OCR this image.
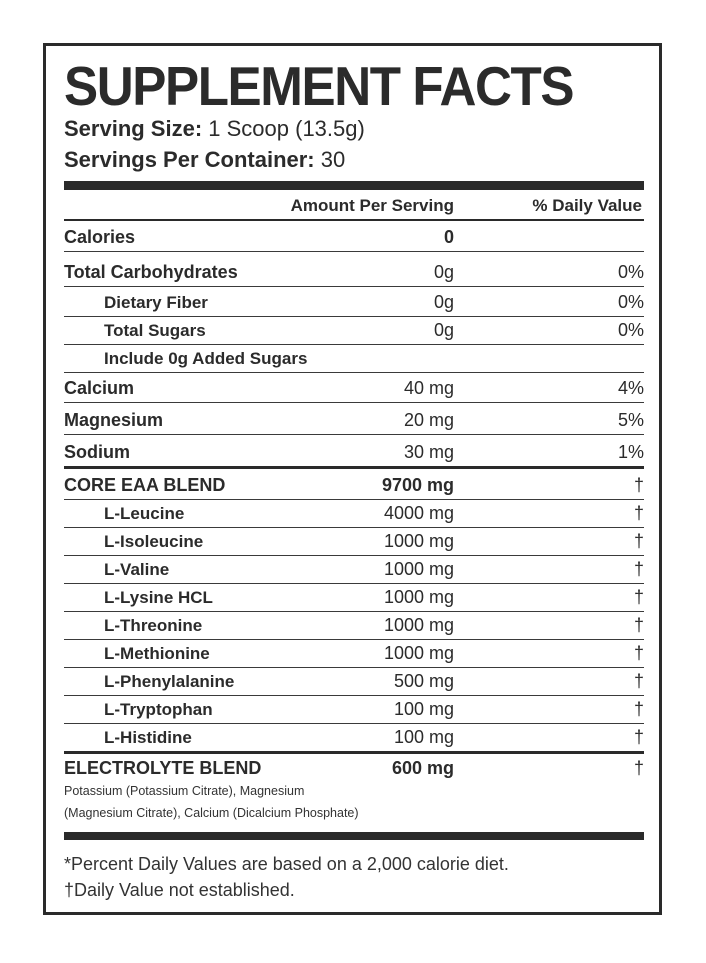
SUPPLEMENT FACTS
Serving Size: 1 Scoop (13.5g)
Servings Per Container: 30
Amount Per Serving	% Daily Value
Calories	0
Total Carbohydrates	0g	0%
Dietary Fiber	0g	0%
Total Sugars	0g	0%
Include 0g Added Sugars
Calcium	40 mg	4%
Magnesium	20 mg	5%
Sodium	30 mg	1%
CORE EAA BLEND	9700 mg	†
L-Leucine	4000 mg	†
L-Isoleucine	1000 mg	†
L-Valine	1000 mg	†
L-Lysine HCL	1000 mg	†
L-Threonine	1000 mg	†
L-Methionine	1000 mg	†
L-Phenylalanine	500 mg	†
L-Tryptophan	100 mg	†
L-Histidine	100 mg	†
ELECTROLYTE BLEND	600 mg	†
Potassium (Potassium Citrate), Magnesium
(Magnesium Citrate), Calcium (Dicalcium Phosphate)
*Percent Daily Values are based on a 2,000 calorie diet.
†Daily Value not established.
